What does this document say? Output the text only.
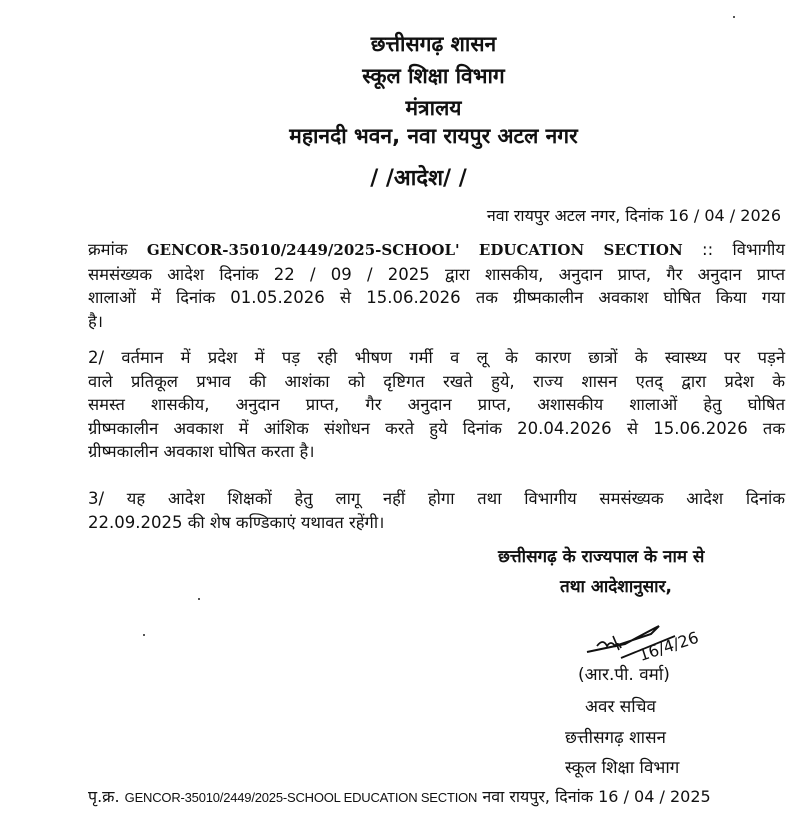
छत्तीसगढ़ शासन
स्कूल शिक्षा विभाग
मंत्रालय
महानदी भवन, नवा रायपुर अटल नगर
/ /आदेश/ /
नवा रायपुर अटल नगर, दिनांक 16 / 04 / 2026
क्रमांक GENCOR-35010/2449/2025-SCHOOL' EDUCATION SECTION :: विभागीय
समसंख्यक आदेश दिनांक 22 / 09 / 2025 द्वारा शासकीय, अनुदान प्राप्त, गैर अनुदान प्राप्त
शालाओं में दिनांक 01.05.2026 से 15.06.2026 तक ग्रीष्मकालीन अवकाश घोषित किया गया
है।
2/ वर्तमान में प्रदेश में पड़ रही भीषण गर्मी व लू के कारण छात्रों के स्वास्थ्य पर पड़ने
वाले प्रतिकूल प्रभाव की आशंका को दृष्टिगत रखते हुये, राज्य शासन एतद् द्वारा प्रदेश के
समस्त शासकीय, अनुदान प्राप्त, गैर अनुदान प्राप्त, अशासकीय शालाओं हेतु घोषित
ग्रीष्मकालीन अवकाश में आंशिक संशोधन करते हुये दिनांक 20.04.2026 से 15.06.2026 तक
ग्रीष्मकालीन अवकाश घोषित करता है।
3/ यह आदेश शिक्षकों हेतु लागू नहीं होगा तथा विभागीय समसंख्यक आदेश दिनांक
22.09.2025 की शेष कण्डिकाएं यथावत रहेंगी।
छत्तीसगढ़ के राज्यपाल के नाम से
तथा आदेशानुसार,
16/4/26
(आर.पी. वर्मा)
अवर सचिव
छत्तीसगढ़ शासन
स्कूल शिक्षा विभाग
पृ.क्र. GENCOR-35010/2449/2025-SCHOOL EDUCATION SECTION नवा रायपुर, दिनांक 16 / 04 / 2025
